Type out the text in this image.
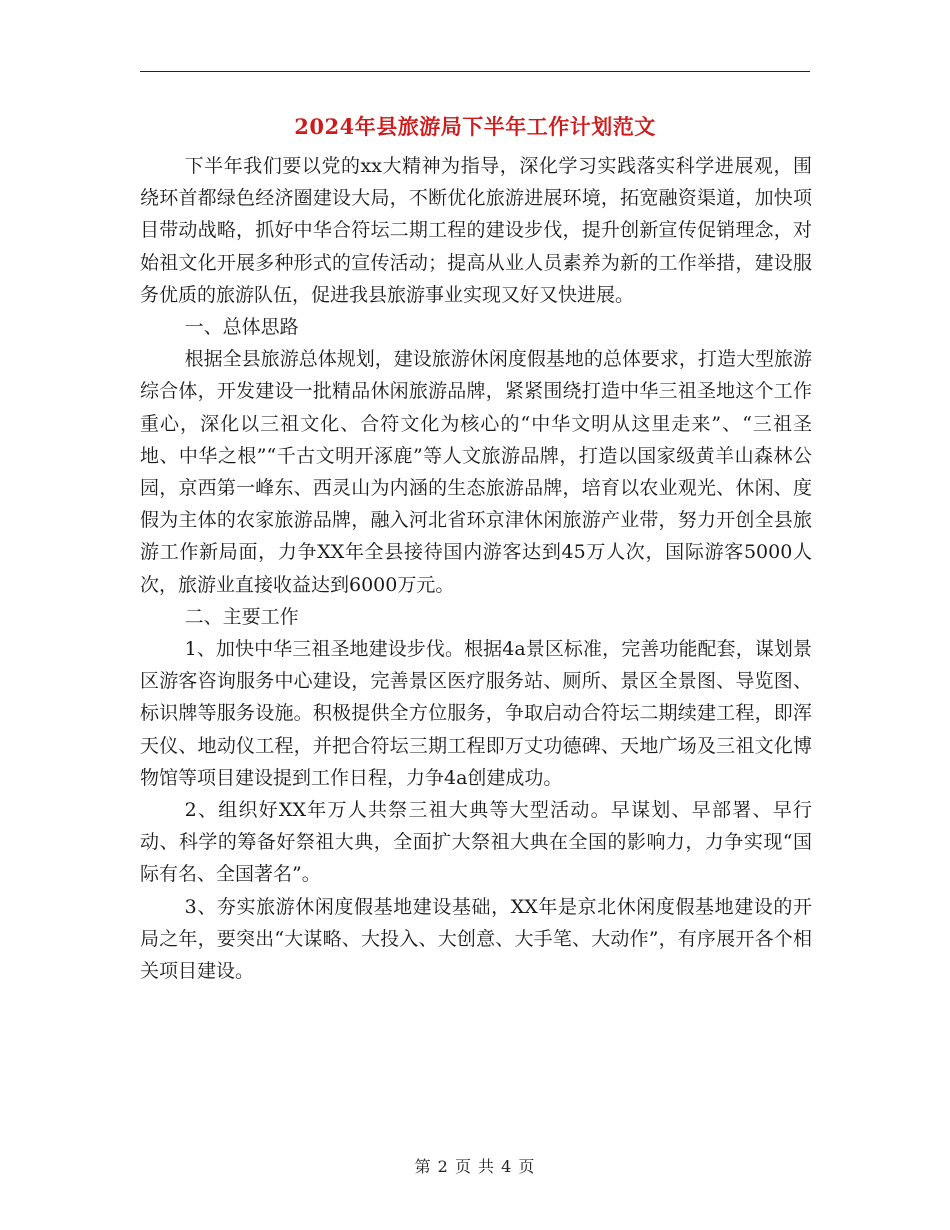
2024年县旅游局下半年工作计划范文

下半年我们要以党的xx大精神为指导，深化学习实践落实科学进展观，围绕环首都绿色经济圈建设大局，不断优化旅游进展环境，拓宽融资渠道，加快项目带动战略，抓好中华合符坛二期工程的建设步伐，提升创新宣传促销理念，对始祖文化开展多种形式的宣传活动；提高从业人员素养为新的工作举措，建设服务优质的旅游队伍，促进我县旅游事业实现又好又快进展。

一、总体思路

根据全县旅游总体规划，建设旅游休闲度假基地的总体要求，打造大型旅游综合体，开发建设一批精品休闲旅游品牌，紧紧围绕打造中华三祖圣地这个工作重心，深化以三祖文化、合符文化为核心的“中华文明从这里走来”、“三祖圣地、中华之根”“千古文明开涿鹿”等人文旅游品牌，打造以国家级黄羊山森林公园，京西第一峰东、西灵山为内涵的生态旅游品牌，培育以农业观光、休闲、度假为主体的农家旅游品牌，融入河北省环京津休闲旅游产业带，努力开创全县旅游工作新局面，力争XX年全县接待国内游客达到45万人次，国际游客5000人次，旅游业直接收益达到6000万元。

二、主要工作

1、加快中华三祖圣地建设步伐。根据4a景区标准，完善功能配套，谋划景区游客咨询服务中心建设，完善景区医疗服务站、厕所、景区全景图、导览图、标识牌等服务设施。积极提供全方位服务，争取启动合符坛二期续建工程，即浑天仪、地动仪工程，并把合符坛三期工程即万丈功德碑、天地广场及三祖文化博物馆等项目建设提到工作日程，力争4a创建成功。

2、组织好XX年万人共祭三祖大典等大型活动。早谋划、早部署、早行动、科学的筹备好祭祖大典，全面扩大祭祖大典在全国的影响力，力争实现“国际有名、全国著名”。

3、夯实旅游休闲度假基地建设基础，XX年是京北休闲度假基地建设的开局之年，要突出“大谋略、大投入、大创意、大手笔、大动作”，有序展开各个相关项目建设。

第 2 页 共 4 页
